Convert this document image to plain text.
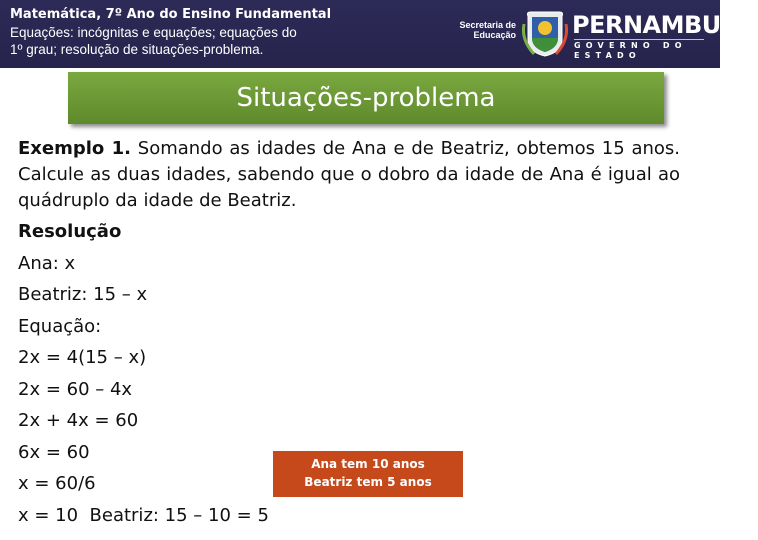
Matemática, 7º Ano do Ensino Fundamental
Equações: incógnitas e equações; equações do
1º grau; resolução de situações-problema.
Secretaria de
Educação PERNAMBUCO
GOVERNO DO ESTADO
Situações-problema

Exemplo 1. Somando as idades de Ana e de Beatriz, obtemos 15 anos. Calcule as duas idades, sabendo que o dobro da idade de Ana é igual ao quádruplo da idade de Beatriz.

Resolução
Ana: x
Beatriz: 15 – x
Equação:
2x = 4(15 – x)
2x = 60 – 4x
2x + 4x = 60
6x = 60
x = 60/6
x = 10  Beatriz: 15 – 10 = 5
Ana tem 10 anos
Beatriz tem 5 anos
